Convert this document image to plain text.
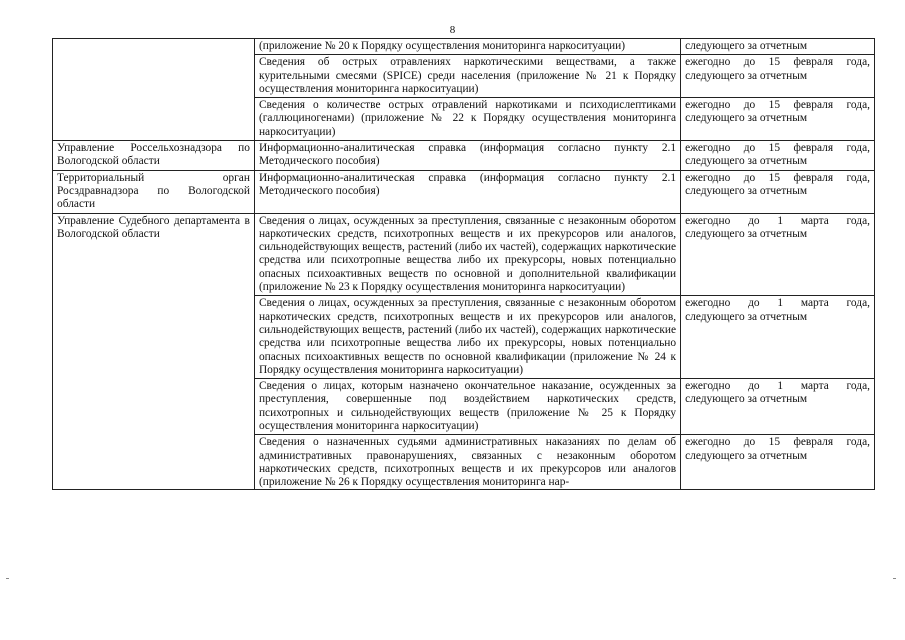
8

	(приложение № 20 к Порядку осуществления мониторинга наркоситуации)	следующего за отчетным

	Сведения об острых отравлениях наркотическими веществами, а также курительными смесями (SPICE) среди населения (приложение № 21 к Порядку осуществления мониторинга наркоситуации)	ежегодно до 15 февраля года, следующего за отчетным

	Сведения о количестве острых отравлений наркотиками и психодислептиками (галлюциногенами) (приложение № 22 к Порядку осуществления мониторинга наркоситуации)	ежегодно до 15 февраля года, следующего за отчетным

Управление Россельхознадзора по Вологодской области	Информационно-аналитическая справка (информация согласно пункту 2.1 Методического пособия)	ежегодно до 15 февраля года, следующего за отчетным

Территориальный орган Росздравнадзора по Вологодской области	Информационно-аналитическая справка (информация согласно пункту 2.1 Методического пособия)	ежегодно до 15 февраля года, следующего за отчетным

Управление Судебного департамента в Вологодской области	Сведения о лицах, осужденных за преступления, связанные с незаконным оборотом наркотических средств, психотропных веществ и их прекурсоров или аналогов, сильнодействующих веществ, растений (либо их частей), содержащих наркотические средства или психотропные вещества либо их прекурсоры, новых потенциально опасных психоактивных веществ по основной и дополнительной квалификации (приложение № 23 к Порядку осуществления мониторинга наркоситуации)	ежегодно до 1 марта года, следующего за отчетным

	Сведения о лицах, осужденных за преступления, связанные с незаконным оборотом наркотических средств, психотропных веществ и их прекурсоров или аналогов, сильнодействующих веществ, растений (либо их частей), содержащих наркотические средства или психотропные вещества либо их прекурсоры, новых потенциально опасных психоактивных веществ по основной квалификации (приложение № 24 к Порядку осуществления мониторинга наркоситуации)	ежегодно до 1 марта года, следующего за отчетным

	Сведения о лицах, которым назначено окончательное наказание, осужденных за преступления, совершенные под воздействием наркотических средств, психотропных и сильнодействующих веществ (приложение № 25 к Порядку осуществления мониторинга наркоситуации)	ежегодно до 1 марта года, следующего за отчетным

	Сведения о назначенных судьями административных наказаниях по делам об административных правонарушениях, связанных с незаконным оборотом наркотических средств, психотропных веществ и их прекурсоров или аналогов (приложение № 26 к Порядку осуществления мониторинга нар-	ежегодно до 15 февраля года, следующего за отчетным
